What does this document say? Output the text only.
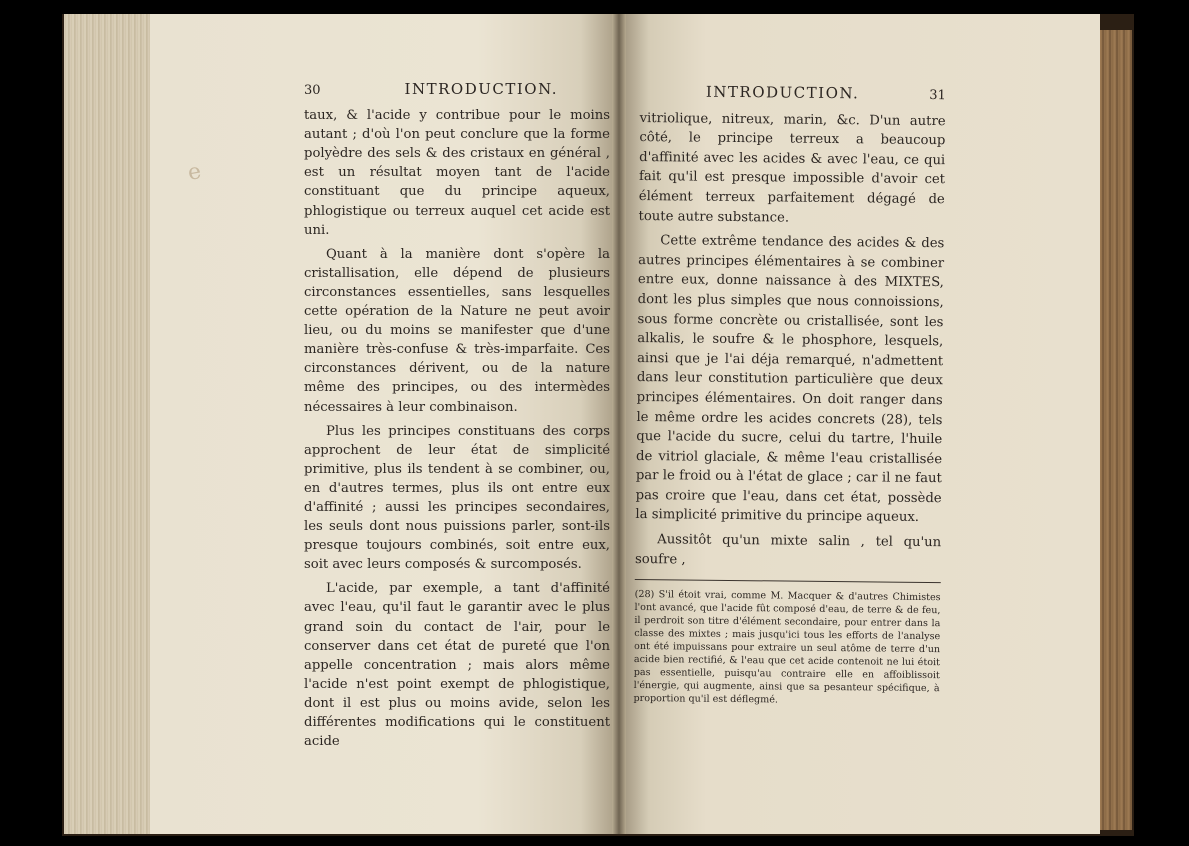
e
30	INTRODUCTION.

taux, & l'acide y contribue pour le moins autant ; d'où l'on peut conclure que la forme polyèdre des sels & des cristaux en général , est un résultat moyen tant de l'acide constituant que du principe aqueux, phlogistique ou terreux auquel cet acide est uni.

Quant à la manière dont s'opère la cristallisation, elle dépend de plusieurs circonstances essentielles, sans lesquelles cette opération de la Nature ne peut avoir lieu, ou du moins se manifester que d'une manière très-confuse & très-imparfaite. Ces circonstances dérivent, ou de la nature même des principes, ou des intermèdes nécessaires à leur combinaison.

Plus les principes constituans des corps approchent de leur état de simplicité primitive, plus ils tendent à se combiner, ou, en d'autres termes, plus ils ont entre eux d'affinité ; aussi les principes secondaires, les seuls dont nous puissions parler, sont-ils presque toujours combinés, soit entre eux, soit avec leurs composés & surcomposés.

L'acide, par exemple, a tant d'affinité avec l'eau, qu'il faut le garantir avec le plus grand soin du contact de l'air, pour le conserver dans cet état de pureté que l'on appelle concentration ; mais alors même l'acide n'est point exempt de phlogistique, dont il est plus ou moins avide, selon les différentes modifications qui le constituent acide

INTRODUCTION.	31

vitriolique, nitreux, marin, &c. D'un autre côté, le principe terreux a beaucoup d'affinité avec les acides & avec l'eau, ce qui fait qu'il est presque impossible d'avoir cet élément terreux parfaitement dégagé de toute autre substance.

Cette extrême tendance des acides & des autres principes élémentaires à se combiner entre eux, donne naissance à des MIXTES, dont les plus simples que nous connoissions, sous forme concrète ou cristallisée, sont les alkalis, le soufre & le phosphore, lesquels, ainsi que je l'ai déja remarqué, n'admettent dans leur constitution particulière que deux principes élémentaires. On doit ranger dans le même ordre les acides concrets (28), tels que l'acide du sucre, celui du tartre, l'huile de vitriol glaciale, & même l'eau cristallisée par le froid ou à l'état de glace ; car il ne faut pas croire que l'eau, dans cet état, possède la simplicité primitive du principe aqueux.

Aussitôt qu'un mixte salin , tel qu'un soufre ,

(28) S'il étoit vrai, comme M. Macquer & d'autres Chimistes l'ont avancé, que l'acide fût composé d'eau, de terre & de feu, il perdroit son titre d'élément secondaire, pour entrer dans la classe des mixtes ; mais jusqu'ici tous les efforts de l'analyse ont été impuissans pour extraire un seul atôme de terre d'un acide bien rectifié, & l'eau que cet acide contenoit ne lui étoit pas essentielle, puisqu'au contraire elle en affoiblissoit l'énergie, qui augmente, ainsi que sa pesanteur spécifique, à proportion qu'il est déflegmé.
